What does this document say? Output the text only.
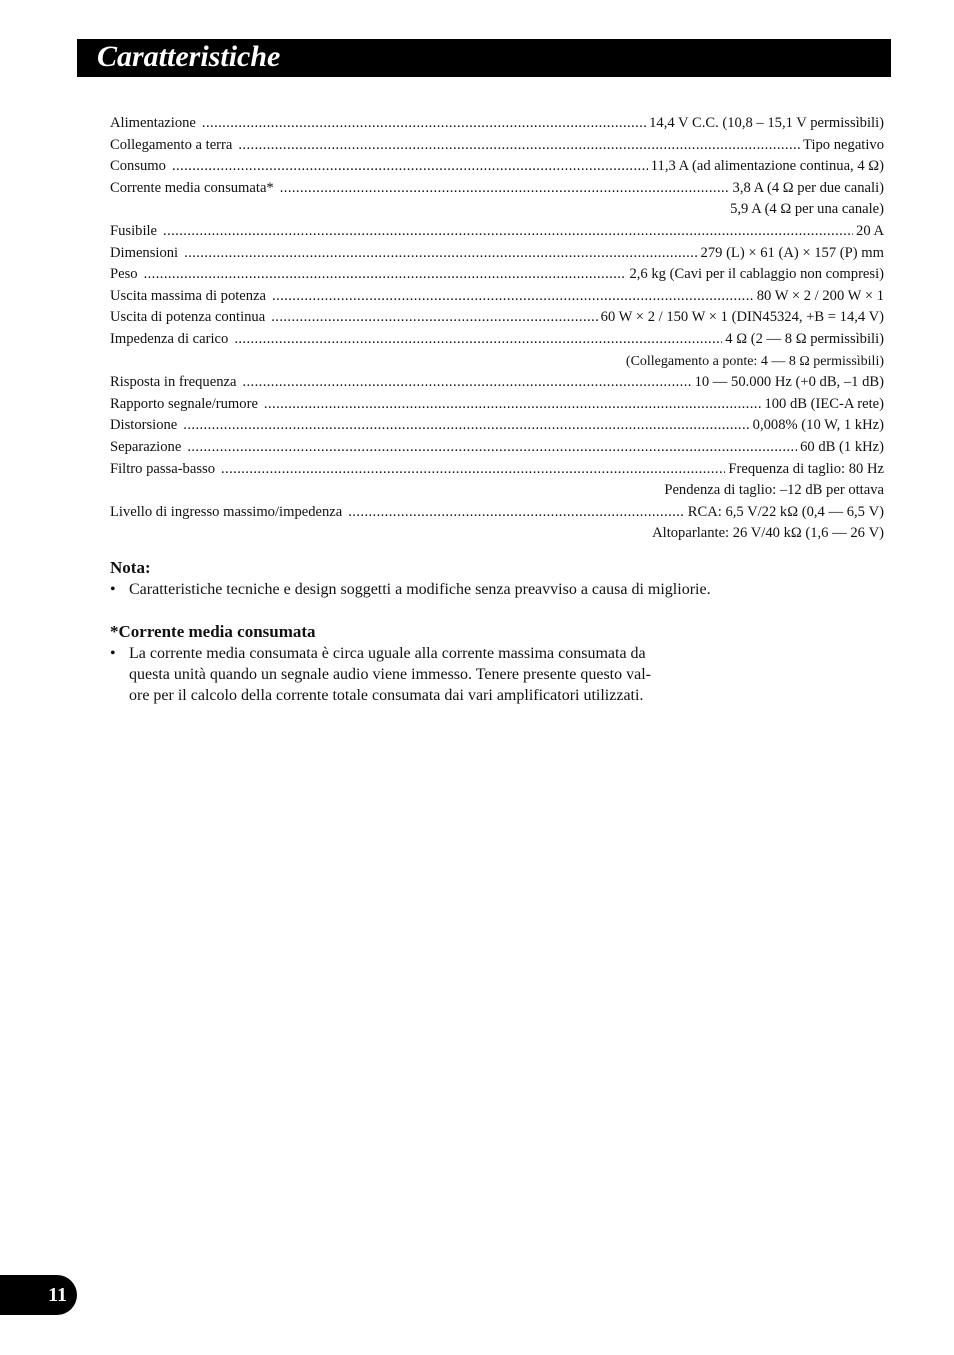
Caratteristiche
Alimentazione .....	14,4 V C.C. (10,8 – 15,1 V permissìbili)
Collegamento a terra .....	Tipo negativo
Consumo .....	11,3 A (ad alimentazione continua, 4 Ω)
Corrente media consumata* .....	3,8 A (4 Ω per due canali)
5,9 A (4 Ω per una canale)
Fusibile .....	20 A
Dimensioni .....	279 (L) × 61 (A) × 157 (P) mm
Peso .....	2,6 kg (Cavi per il cablaggio non compresi)
Uscita massima di potenza .....	80 W × 2 / 200 W × 1
Uscita di potenza continua .....	60 W × 2 / 150 W × 1 (DIN45324, +B = 14,4 V)
Impedenza di carico .....	4 Ω (2 — 8 Ω permissìbili)
(Collegamento a ponte: 4 — 8 Ω permissìbili)
Risposta in frequenza .....	10 — 50.000 Hz (+0 dB, –1 dB)
Rapporto segnale/rumore .....	100 dB (IEC-A rete)
Distorsione .....	0,008% (10 W, 1 kHz)
Separazione .....	60 dB (1 kHz)
Filtro passa-basso .....	Frequenza di taglio: 80 Hz
Pendenza di taglio: –12 dB per ottava
Livello di ingresso massimo/impedenza .....	RCA: 6,5 V/22 kΩ (0,4 — 6,5 V)
Altoparlante: 26 V/40 kΩ (1,6 — 26 V)
Nota:
• Caratteristiche tecniche e design soggetti a modifiche senza preavviso a causa di migliorie.
*Corrente media consumata
• La corrente media consumata è circa uguale alla corrente massima consumata da
questa unità quando un segnale audio viene immesso. Tenere presente questo val-
ore per il calcolo della corrente totale consumata dai vari amplificatori utilizzati.
11
